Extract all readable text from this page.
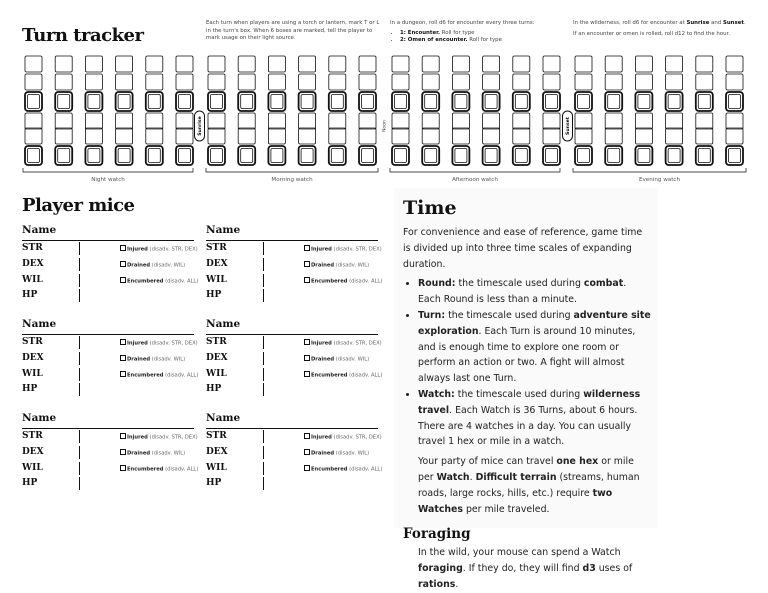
Turn tracker
Each turn when players are using a torch or lantern, mark T or L in the turn's box. When 6 boxes are marked, tell the player to mark usage on their light source.
In a dungeon, roll d6 for encounter every three turns:
• 1: Encounter. Roll for type
• 2: Omen of encounter. Roll for type
In the wilderness, roll d6 for encounter at Sunrise and Sunset.
If an encounter or omen is rolled, roll d12 to find the hour.
Night watch	Morning watch	Afternoon watch	Evening watch
Sunrise	Sunset
Noon
Player mice
Name
STR
DEX
WIL
HP
Injured (disadv. STR, DEX)
Drained (disadv. WIL)
Encumbered (disadv. ALL)
Name
STR
DEX
WIL
HP
Injured (disadv. STR, DEX)
Drained (disadv. WIL)
Encumbered (disadv. ALL)
Name
STR
DEX
WIL
HP
Injured (disadv. STR, DEX)
Drained (disadv. WIL)
Encumbered (disadv. ALL)
Name
STR
DEX
WIL
HP
Injured (disadv. STR, DEX)
Drained (disadv. WIL)
Encumbered (disadv. ALL)
Name
STR
DEX
WIL
HP
Injured (disadv. STR, DEX)
Drained (disadv. WIL)
Encumbered (disadv. ALL)
Name
STR
DEX
WIL
HP
Injured (disadv. STR, DEX)
Drained (disadv. WIL)
Encumbered (disadv. ALL)
Time
For convenience and ease of reference, game time is divided up into three time scales of expanding duration.
• Round: the timescale used during combat. Each Round is less than a minute.
• Turn: the timescale used during adventure site exploration. Each Turn is around 10 minutes, and is enough time to explore one room or perform an action or two. A fight will almost always last one Turn.
• Watch: the timescale used during wilderness travel. Each Watch is 36 Turns, about 6 hours. There are 4 watches in a day. You can usually travel 1 hex or mile in a watch.
Your party of mice can travel one hex or mile per Watch. Difficult terrain (streams, human roads, large rocks, hills, etc.) require two Watches per mile traveled.
Foraging
In the wild, your mouse can spend a Watch foraging. If they do, they will find d3 uses of rations.
